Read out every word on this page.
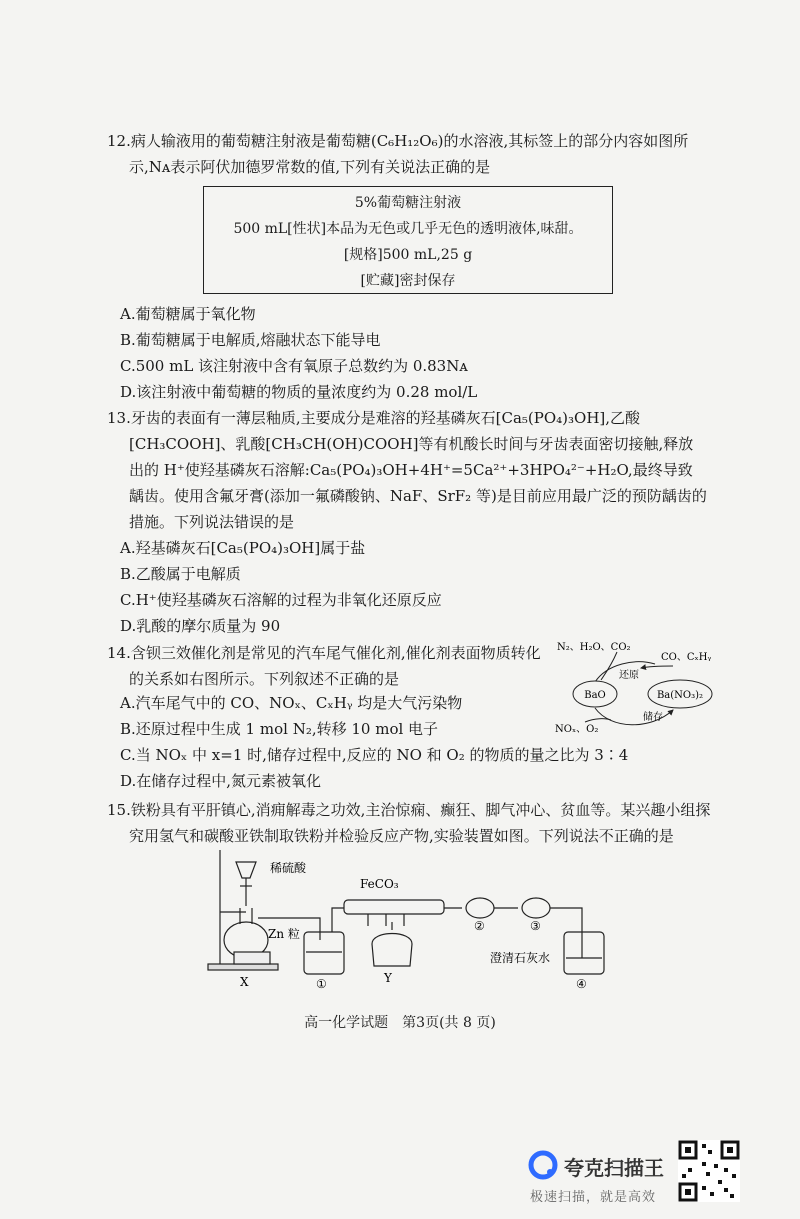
12.病人输液用的葡萄糖注射液是葡萄糖(C₆H₁₂O₆)的水溶液,其标签上的部分内容如图所
示,Nᴀ表示阿伏加德罗常数的值,下列有关说法正确的是
5%葡萄糖注射液
500 mL[性状]本品为无色或几乎无色的透明液体,味甜。
[规格]500 mL,25 g
[贮藏]密封保存
A.葡萄糖属于氧化物
B.葡萄糖属于电解质,熔融状态下能导电
C.500 mL 该注射液中含有氧原子总数约为 0.83Nᴀ
D.该注射液中葡萄糖的物质的量浓度约为 0.28 mol/L
13.牙齿的表面有一薄层釉质,主要成分是难溶的羟基磷灰石[Ca₅(PO₄)₃OH],乙酸
[CH₃COOH]、乳酸[CH₃CH(OH)COOH]等有机酸长时间与牙齿表面密切接触,释放
出的 H⁺使羟基磷灰石溶解:Ca₅(PO₄)₃OH+4H⁺=5Ca²⁺+3HPO₄²⁻+H₂O,最终导致
龋齿。使用含氟牙膏(添加一氟磷酸钠、NaF、SrF₂ 等)是目前应用最广泛的预防龋齿的
措施。下列说法错误的是
A.羟基磷灰石[Ca₅(PO₄)₃OH]属于盐
B.乙酸属于电解质
C.H⁺使羟基磷灰石溶解的过程为非氧化还原反应
D.乳酸的摩尔质量为 90
14.含钡三效催化剂是常见的汽车尾气催化剂,催化剂表面物质转化
的关系如右图所示。下列叙述不正确的是
A.汽车尾气中的 CO、NOₓ、CₓHᵧ 均是大气污染物
B.还原过程中生成 1 mol N₂,转移 10 mol 电子
C.当 NOₓ 中 x=1 时,储存过程中,反应的 NO 和 O₂ 的物质的量之比为 3∶4
D.在储存过程中,氮元素被氧化
N₂、H₂O、CO₂
CO、CₓHᵧ
还原
BaO	Ba(NO₃)₂
储存
NOₓ、O₂
15.铁粉具有平肝镇心,消痈解毒之功效,主治惊痫、癫狂、脚气冲心、贫血等。某兴趣小组探
究用氢气和碳酸亚铁制取铁粉并检验反应产物,实验装置如图。下列说法不正确的是
稀硫酸
Zn 粒
FeCO₃
X	Y
①
②	③
④
澄清石灰水
高一化学试题　第3页(共 8 页)
夸克扫描王
极速扫描，就是高效
